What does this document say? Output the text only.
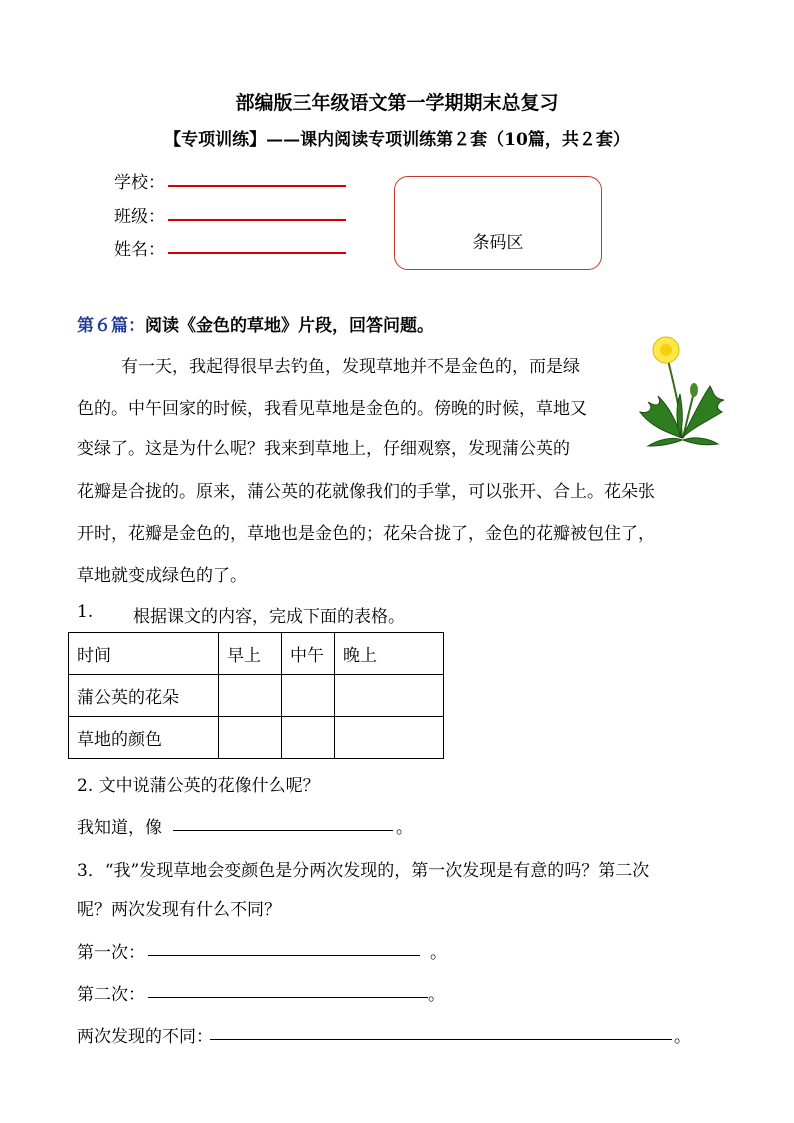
部编版三年级语文第一学期期末总复习
【专项训练】——课内阅读专项训练第２套（10篇，共２套）
学校：
班级：
姓名：	条码区
第６篇：阅读《金色的草地》片段，回答问题。
有一天，我起得很早去钓鱼，发现草地并不是金色的，而是绿
色的。中午回家的时候，我看见草地是金色的。傍晚的时候，草地又
变绿了。这是为什么呢？我来到草地上，仔细观察，发现蒲公英的
花瓣是合拢的。原来，蒲公英的花就像我们的手掌，可以张开、合上。花朵张
开时，花瓣是金色的，草地也是金色的；花朵合拢了，金色的花瓣被包住了，
草地就变成绿色的了。
1. 根据课文的内容，完成下面的表格。
时间	早上	中午	晚上
蒲公英的花朵			
草地的颜色			
2. 文中说蒲公英的花像什么呢？
我知道，像	。
3．“我”发现草地会变颜色是分两次发现的，第一次发现是有意的吗？第二次
呢？两次发现有什么不同？
第一次：	。
第二次：	。
两次发现的不同：	。
